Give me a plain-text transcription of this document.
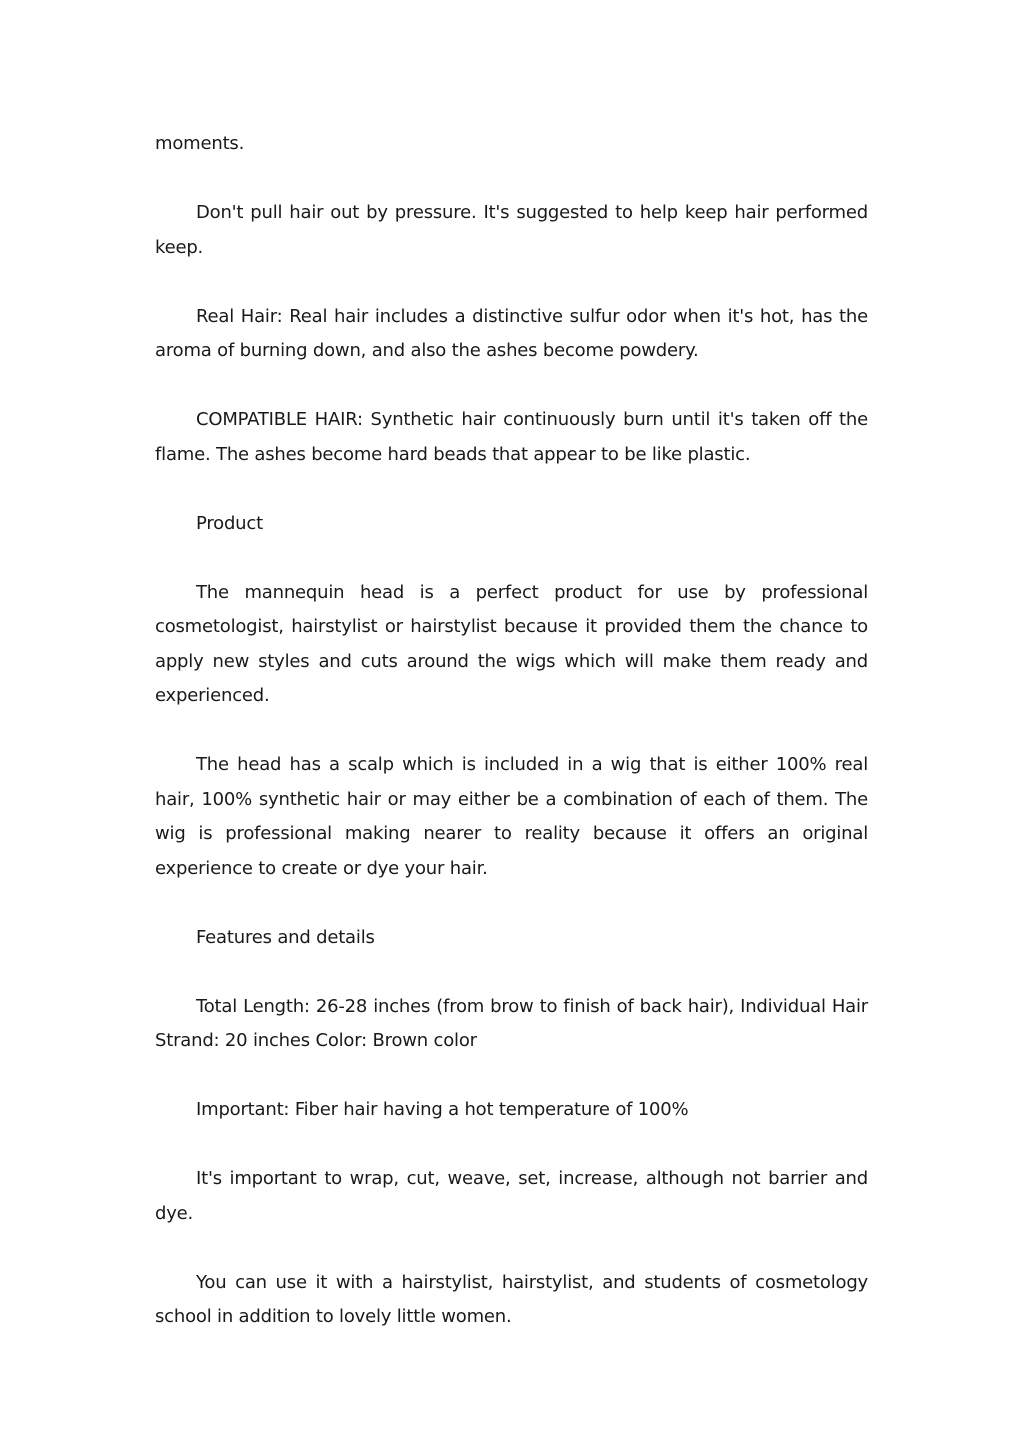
moments.

Don't pull hair out by pressure. It's suggested to help keep hair performed keep.

Real Hair: Real hair includes a distinctive sulfur odor when it's hot, has the aroma of burning down, and also the ashes become powdery.

COMPATIBLE HAIR: Synthetic hair continuously burn until it's taken off the flame. The ashes become hard beads that appear to be like plastic.

Product

The mannequin head is a perfect product for use by professional cosmetologist, hairstylist or hairstylist because it provided them the chance to apply new styles and cuts around the wigs which will make them ready and experienced.

The head has a scalp which is included in a wig that is either 100% real hair, 100% synthetic hair or may either be a combination of each of them. The wig is professional making nearer to reality because it offers an original experience to create or dye your hair.

Features and details

Total Length: 26-28 inches (from brow to finish of back hair), Individual Hair Strand: 20 inches Color: Brown color

Important: Fiber hair having a hot temperature of 100%

It's important to wrap, cut, weave, set, increase, although not barrier and dye.

You can use it with a hairstylist, hairstylist, and students of cosmetology school in addition to lovely little women.
